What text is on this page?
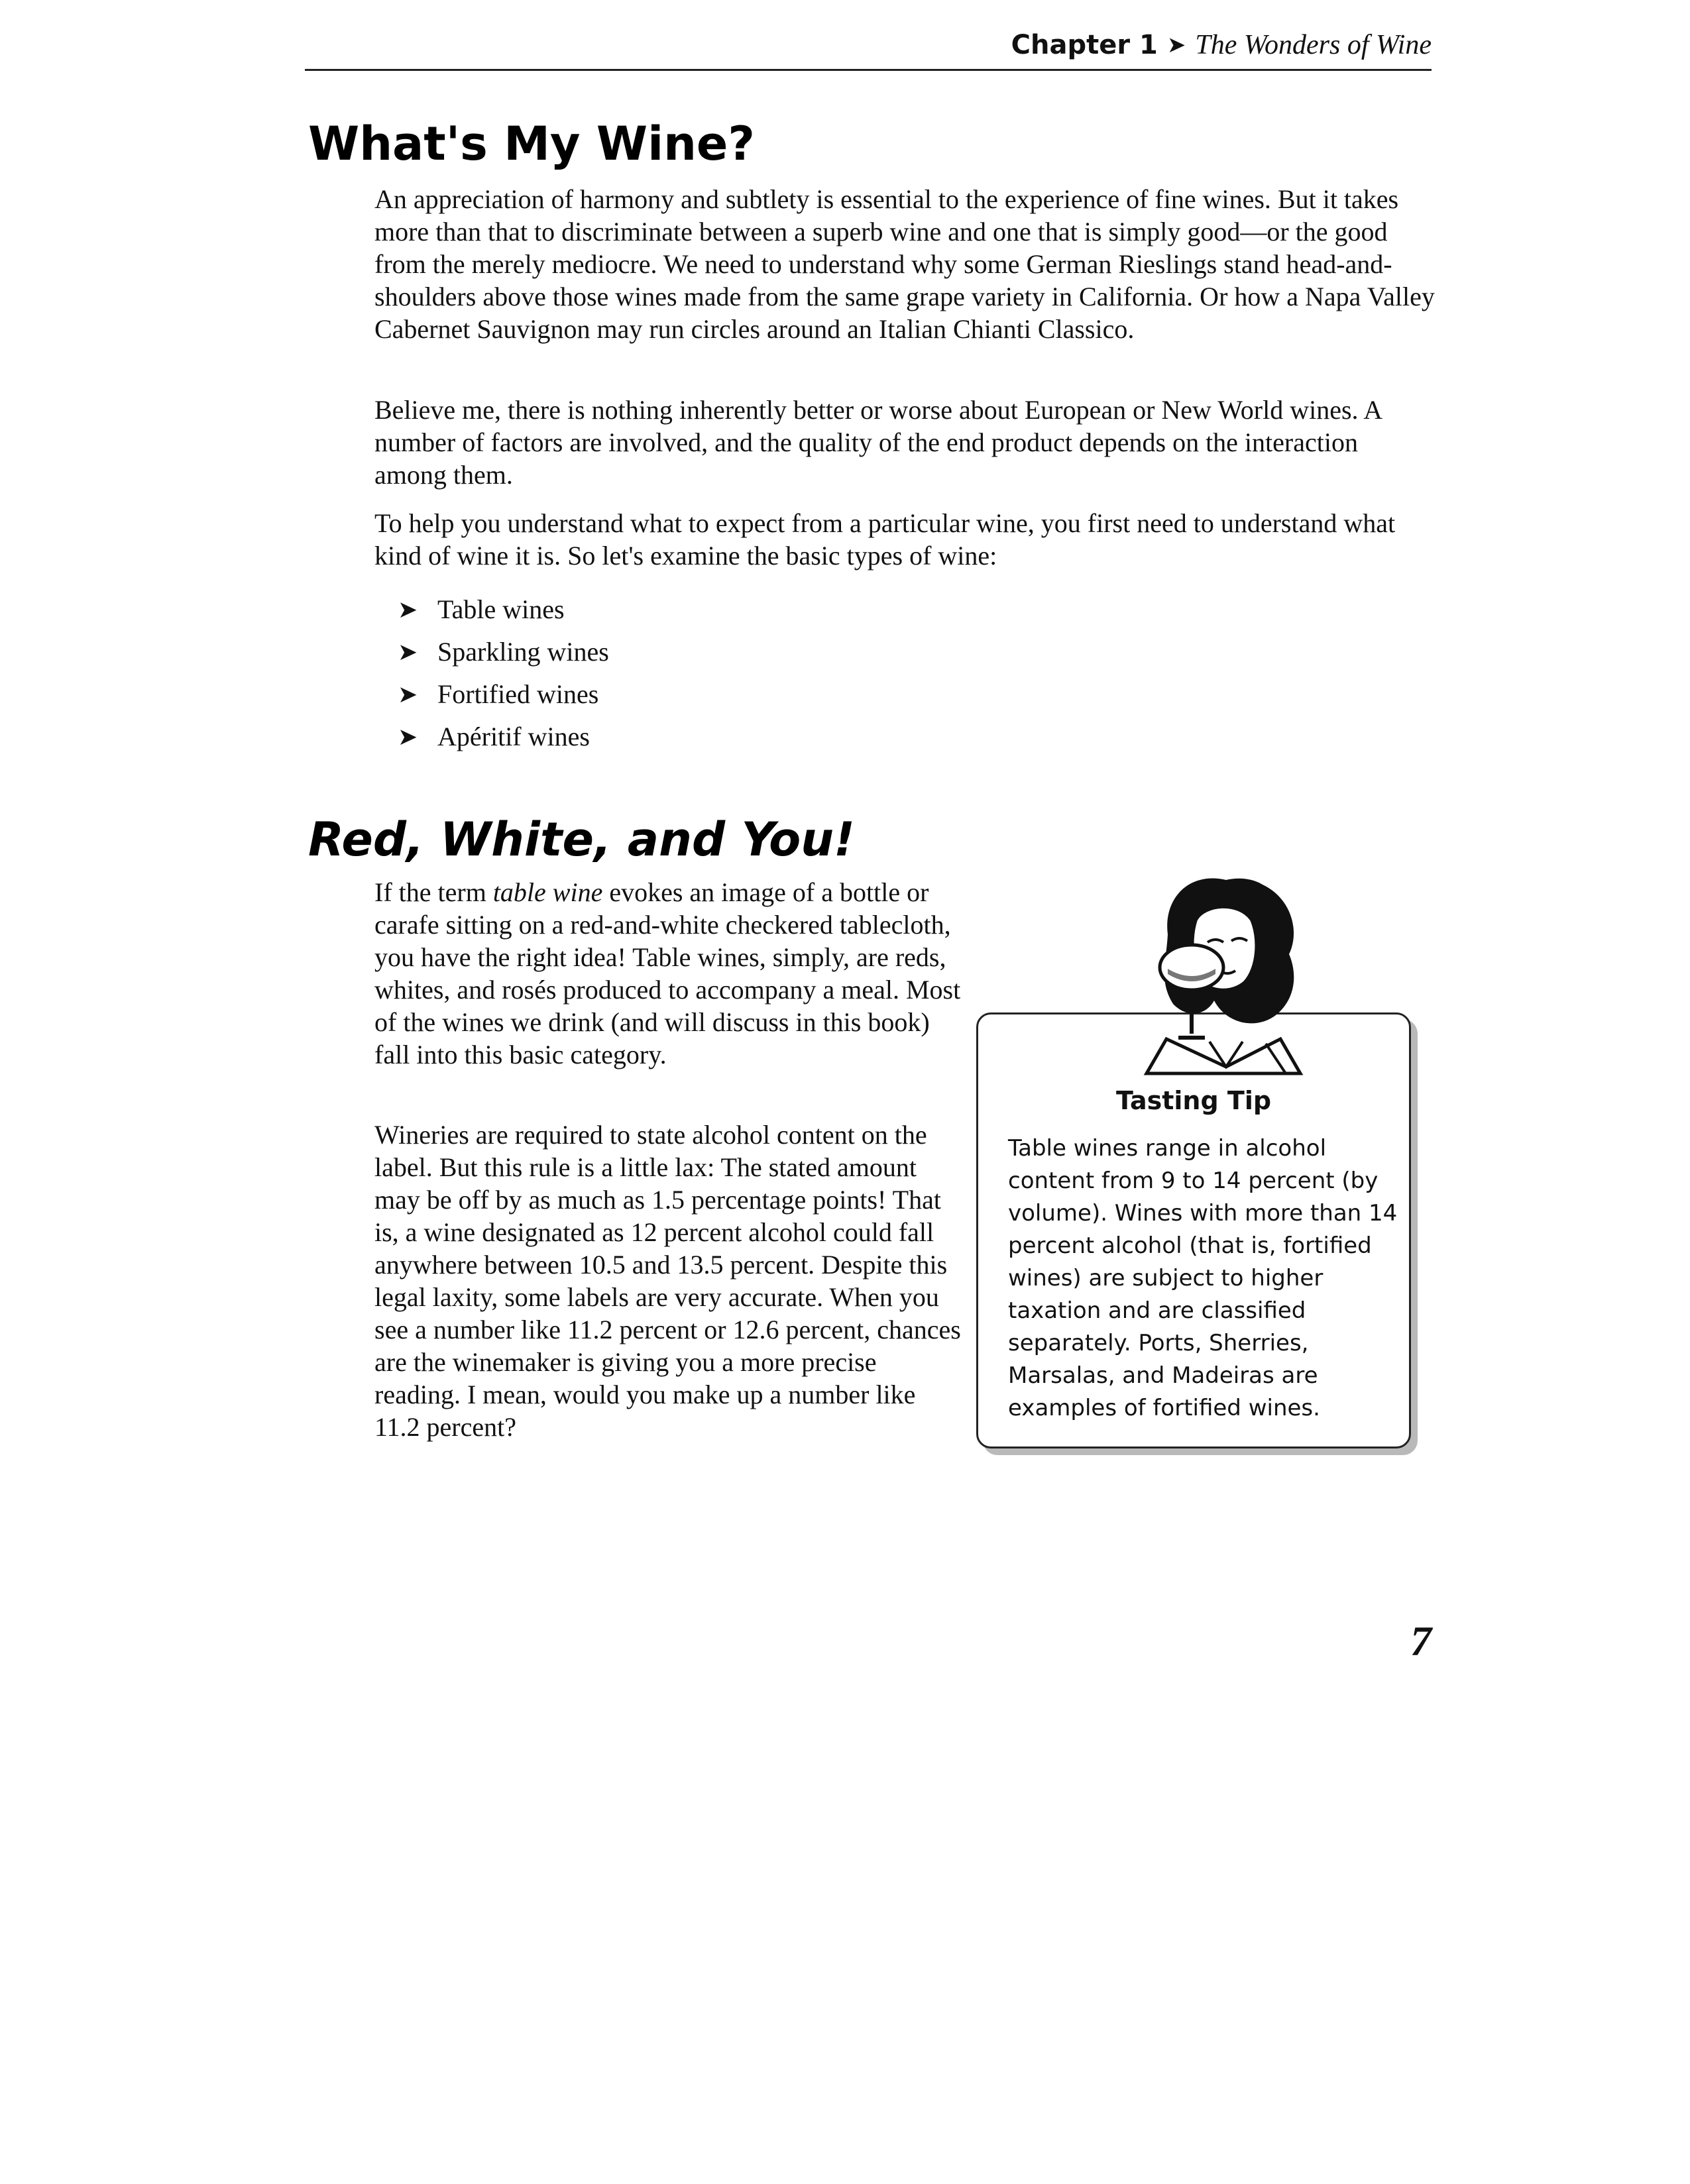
Chapter 1 ➤ The Wonders of Wine
What's My Wine?

An appreciation of harmony and subtlety is essential to the experience of fine wines. But it takes more than that to discriminate between a superb wine and one that is simply good—or the good from the merely mediocre. We need to understand why some German Rieslings stand head-and-shoulders above those wines made from the same grape variety in California. Or how a Napa Valley Cabernet Sauvignon may run circles around an Italian Chianti Classico.

Believe me, there is nothing inherently better or worse about European or New World wines. A number of factors are involved, and the quality of the end product depends on the interaction among them.

To help you understand what to expect from a particular wine, you first need to understand what kind of wine it is. So let's examine the basic types of wine:

➤ Table wines
➤ Sparkling wines
➤ Fortified wines
➤ Apéritif wines
Red, White, and You!

If the term table wine evokes an image of a bottle or carafe sitting on a red-and-white checkered tablecloth, you have the right idea! Table wines, simply, are reds, whites, and rosés produced to accompany a meal. Most of the wines we drink (and will discuss in this book) fall into this basic category.

Wineries are required to state alcohol content on the label. But this rule is a little lax: The stated amount may be off by as much as 1.5 percentage points! That is, a wine designated as 12 percent alcohol could fall anywhere between 10.5 and 13.5 percent. Despite this legal laxity, some labels are very accurate. When you see a number like 11.2 percent or 12.6 percent, chances are the winemaker is giving you a more precise reading. I mean, would you make up a number like 11.2 percent?

Tasting Tip

Table wines range in alcohol content from 9 to 14 percent (by volume). Wines with more than 14 percent alcohol (that is, fortified wines) are subject to higher taxation and are classified separately. Ports, Sherries, Marsalas, and Madeiras are examples of fortified wines.

7
